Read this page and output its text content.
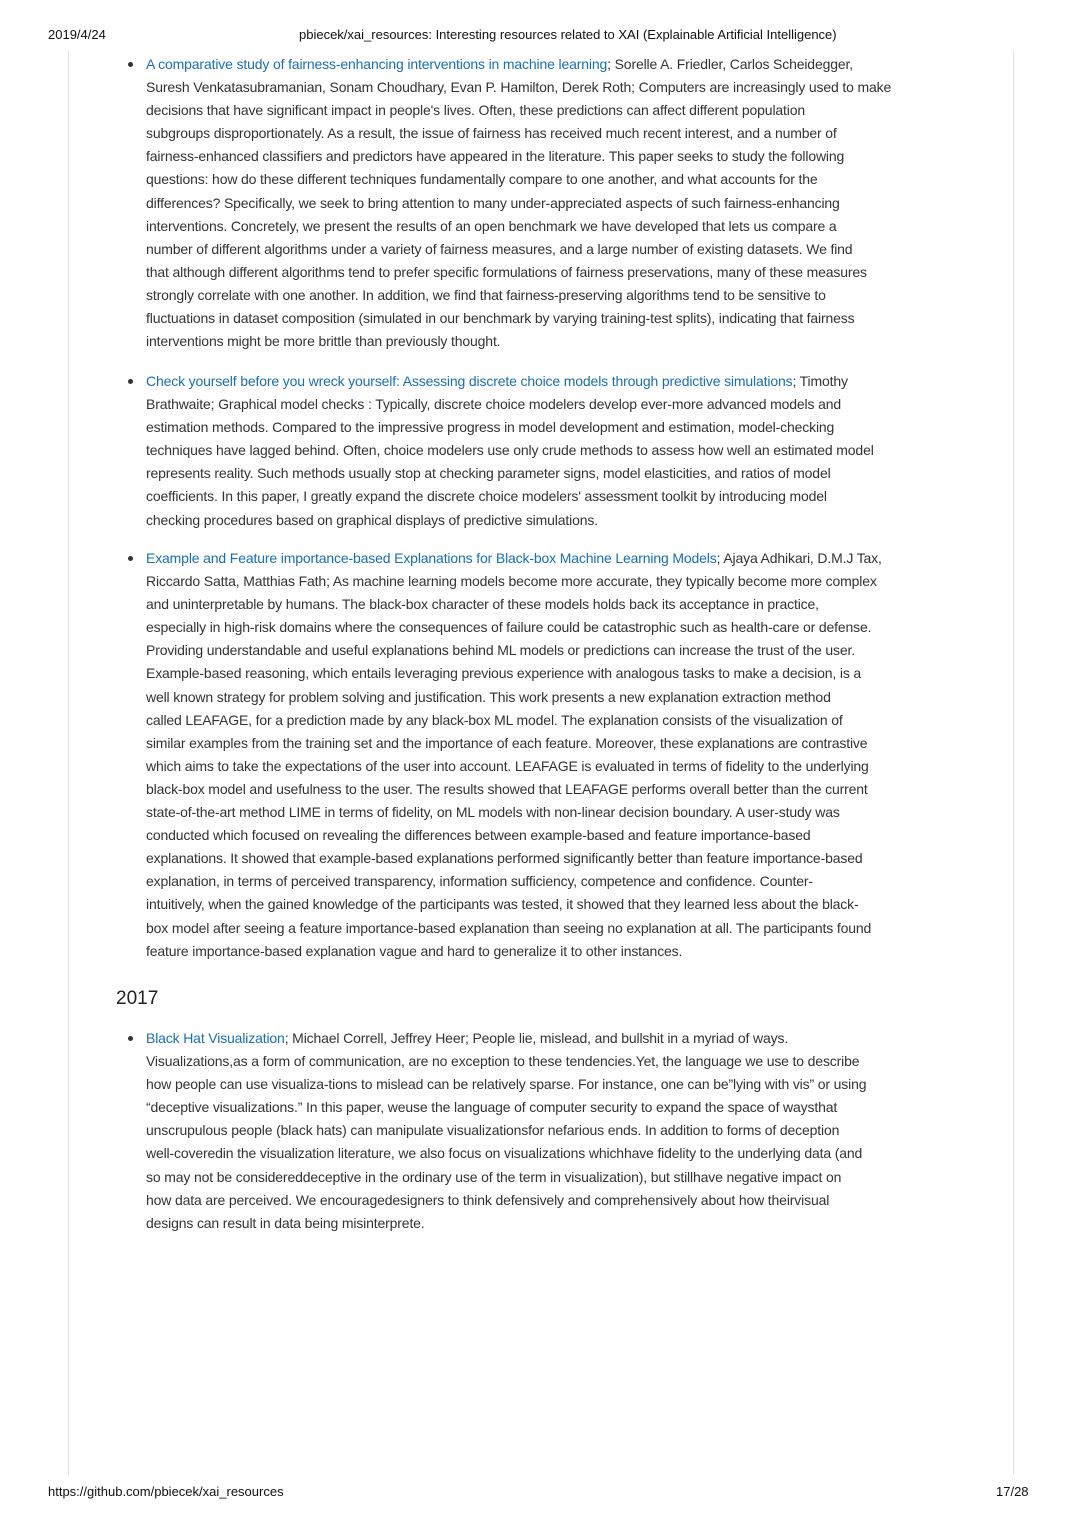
2019/4/24	pbiecek/xai_resources: Interesting resources related to XAI (Explainable Artificial Intelligence)
A comparative study of fairness-enhancing interventions in machine learning; Sorelle A. Friedler, Carlos Scheidegger,
Suresh Venkatasubramanian, Sonam Choudhary, Evan P. Hamilton, Derek Roth; Computers are increasingly used to make
decisions that have significant impact in people's lives. Often, these predictions can affect different population
subgroups disproportionately. As a result, the issue of fairness has received much recent interest, and a number of
fairness-enhanced classifiers and predictors have appeared in the literature. This paper seeks to study the following
questions: how do these different techniques fundamentally compare to one another, and what accounts for the
differences? Specifically, we seek to bring attention to many under-appreciated aspects of such fairness-enhancing
interventions. Concretely, we present the results of an open benchmark we have developed that lets us compare a
number of different algorithms under a variety of fairness measures, and a large number of existing datasets. We find
that although different algorithms tend to prefer specific formulations of fairness preservations, many of these measures
strongly correlate with one another. In addition, we find that fairness-preserving algorithms tend to be sensitive to
fluctuations in dataset composition (simulated in our benchmark by varying training-test splits), indicating that fairness
interventions might be more brittle than previously thought.
Check yourself before you wreck yourself: Assessing discrete choice models through predictive simulations; Timothy
Brathwaite; Graphical model checks : Typically, discrete choice modelers develop ever-more advanced models and
estimation methods. Compared to the impressive progress in model development and estimation, model-checking
techniques have lagged behind. Often, choice modelers use only crude methods to assess how well an estimated model
represents reality. Such methods usually stop at checking parameter signs, model elasticities, and ratios of model
coefficients. In this paper, I greatly expand the discrete choice modelers' assessment toolkit by introducing model
checking procedures based on graphical displays of predictive simulations.
Example and Feature importance-based Explanations for Black-box Machine Learning Models; Ajaya Adhikari, D.M.J Tax,
Riccardo Satta, Matthias Fath; As machine learning models become more accurate, they typically become more complex
and uninterpretable by humans. The black-box character of these models holds back its acceptance in practice,
especially in high-risk domains where the consequences of failure could be catastrophic such as health-care or defense.
Providing understandable and useful explanations behind ML models or predictions can increase the trust of the user.
Example-based reasoning, which entails leveraging previous experience with analogous tasks to make a decision, is a
well known strategy for problem solving and justification. This work presents a new explanation extraction method
called LEAFAGE, for a prediction made by any black-box ML model. The explanation consists of the visualization of
similar examples from the training set and the importance of each feature. Moreover, these explanations are contrastive
which aims to take the expectations of the user into account. LEAFAGE is evaluated in terms of fidelity to the underlying
black-box model and usefulness to the user. The results showed that LEAFAGE performs overall better than the current
state-of-the-art method LIME in terms of fidelity, on ML models with non-linear decision boundary. A user-study was
conducted which focused on revealing the differences between example-based and feature importance-based
explanations. It showed that example-based explanations performed significantly better than feature importance-based
explanation, in terms of perceived transparency, information sufficiency, competence and confidence. Counter-
intuitively, when the gained knowledge of the participants was tested, it showed that they learned less about the black-
box model after seeing a feature importance-based explanation than seeing no explanation at all. The participants found
feature importance-based explanation vague and hard to generalize it to other instances.
2017
Black Hat Visualization; Michael Correll, Jeffrey Heer; People lie, mislead, and bullshit in a myriad of ways.
Visualizations,as a form of communication, are no exception to these tendencies.Yet, the language we use to describe
how people can use visualiza-tions to mislead can be relatively sparse. For instance, one can be”lying with vis” or using
“deceptive visualizations.” In this paper, weuse the language of computer security to expand the space of waysthat
unscrupulous people (black hats) can manipulate visualizationsfor nefarious ends. In addition to forms of deception
well-coveredin the visualization literature, we also focus on visualizations whichhave fidelity to the underlying data (and
so may not be considereddeceptive in the ordinary use of the term in visualization), but stillhave negative impact on
how data are perceived. We encouragedesigners to think defensively and comprehensively about how theirvisual
designs can result in data being misinterprete.
https://github.com/pbiecek/xai_resources	17/28
